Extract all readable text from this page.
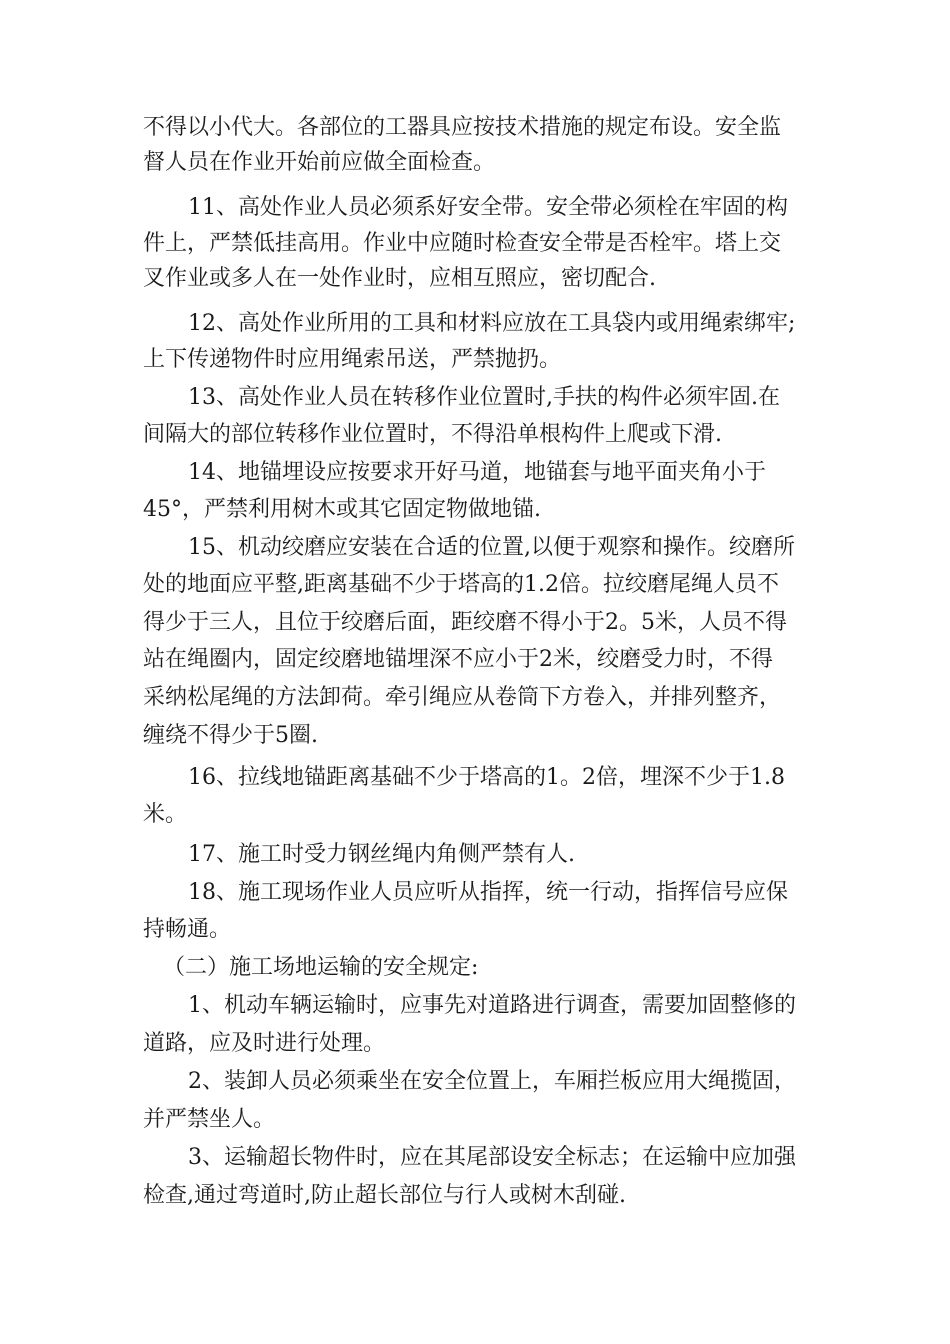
不得以小代大。各部位的工器具应按技术措施的规定布设。安全监
督人员在作业开始前应做全面检查。
11、高处作业人员必须系好安全带。安全带必须栓在牢固的构
件上，严禁低挂高用。作业中应随时检查安全带是否栓牢。塔上交
叉作业或多人在一处作业时，应相互照应，密切配合.
12、高处作业所用的工具和材料应放在工具袋内或用绳索绑牢;
上下传递物件时应用绳索吊送，严禁抛扔。
13、高处作业人员在转移作业位置时,手扶的构件必须牢固.在
间隔大的部位转移作业位置时，不得沿单根构件上爬或下滑.
14、地锚埋设应按要求开好马道，地锚套与地平面夹角小于
45°，严禁利用树木或其它固定物做地锚.
15、机动绞磨应安装在合适的位置,以便于观察和操作。绞磨所
处的地面应平整,距离基础不少于塔高的1.2倍。拉绞磨尾绳人员不
得少于三人，且位于绞磨后面，距绞磨不得小于2。5米，人员不得
站在绳圈内，固定绞磨地锚埋深不应小于2米，绞磨受力时，不得
采纳松尾绳的方法卸荷。牵引绳应从卷筒下方卷入，并排列整齐，
缠绕不得少于5圈.
16、拉线地锚距离基础不少于塔高的1。2倍，埋深不少于1.8
米。
17、施工时受力钢丝绳内角侧严禁有人.
18、施工现场作业人员应听从指挥，统一行动，指挥信号应保
持畅通。
（二）施工场地运输的安全规定:
1、机动车辆运输时，应事先对道路进行调查，需要加固整修的
道路，应及时进行处理。
2、装卸人员必须乘坐在安全位置上，车厢拦板应用大绳揽固，
并严禁坐人。
3、运输超长物件时，应在其尾部设安全标志；在运输中应加强
检查,通过弯道时,防止超长部位与行人或树木刮碰.
